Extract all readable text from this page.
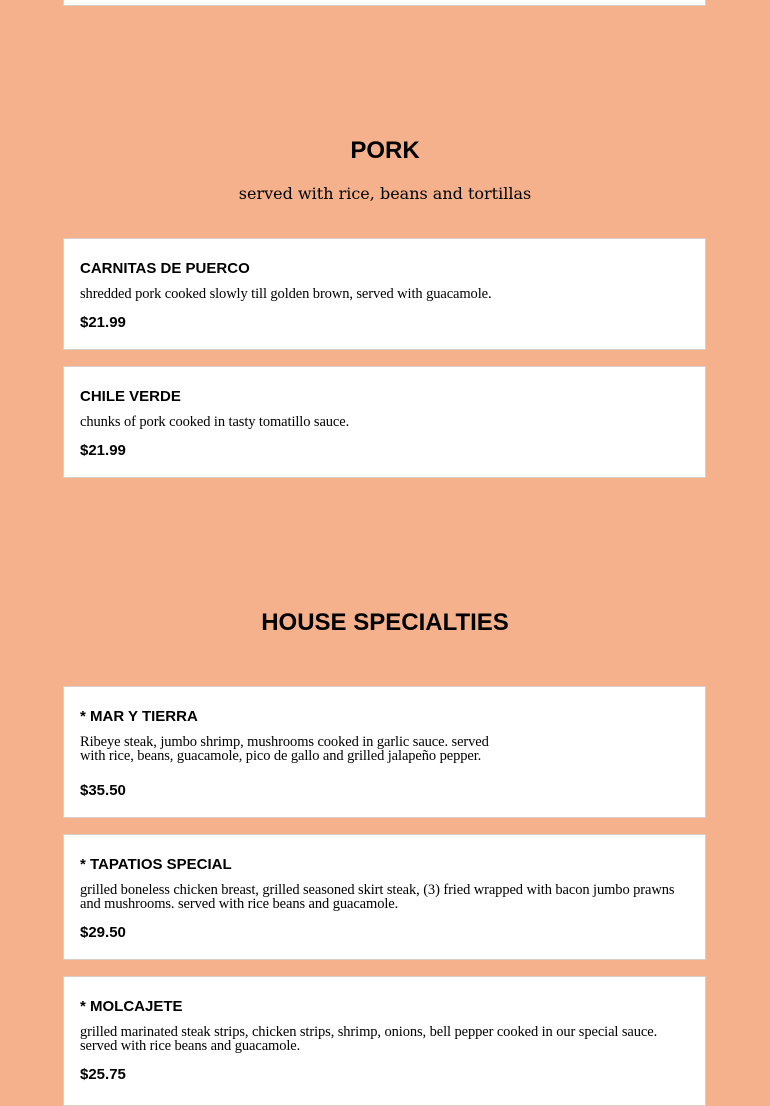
PORK
served with rice, beans and tortillas
CARNITAS DE PUERCO
shredded pork cooked slowly till golden brown, served with guacamole.
$21.99
CHILE VERDE
chunks of pork cooked in tasty tomatillo sauce.
$21.99
HOUSE SPECIALTIES
* MAR Y TIERRA
Ribeye steak, jumbo shrimp, mushrooms cooked in garlic sauce. served
with rice, beans, guacamole, pico de gallo and grilled jalapeño pepper.
$35.50
* TAPATIOS SPECIAL
grilled boneless chicken breast, grilled seasoned skirt steak, (3) fried wrapped with bacon jumbo prawns and mushrooms. served with rice beans and guacamole.
$29.50
* MOLCAJETE
grilled marinated steak strips, chicken strips, shrimp, onions, bell pepper cooked in our special sauce. served with rice beans and guacamole.
$25.75
